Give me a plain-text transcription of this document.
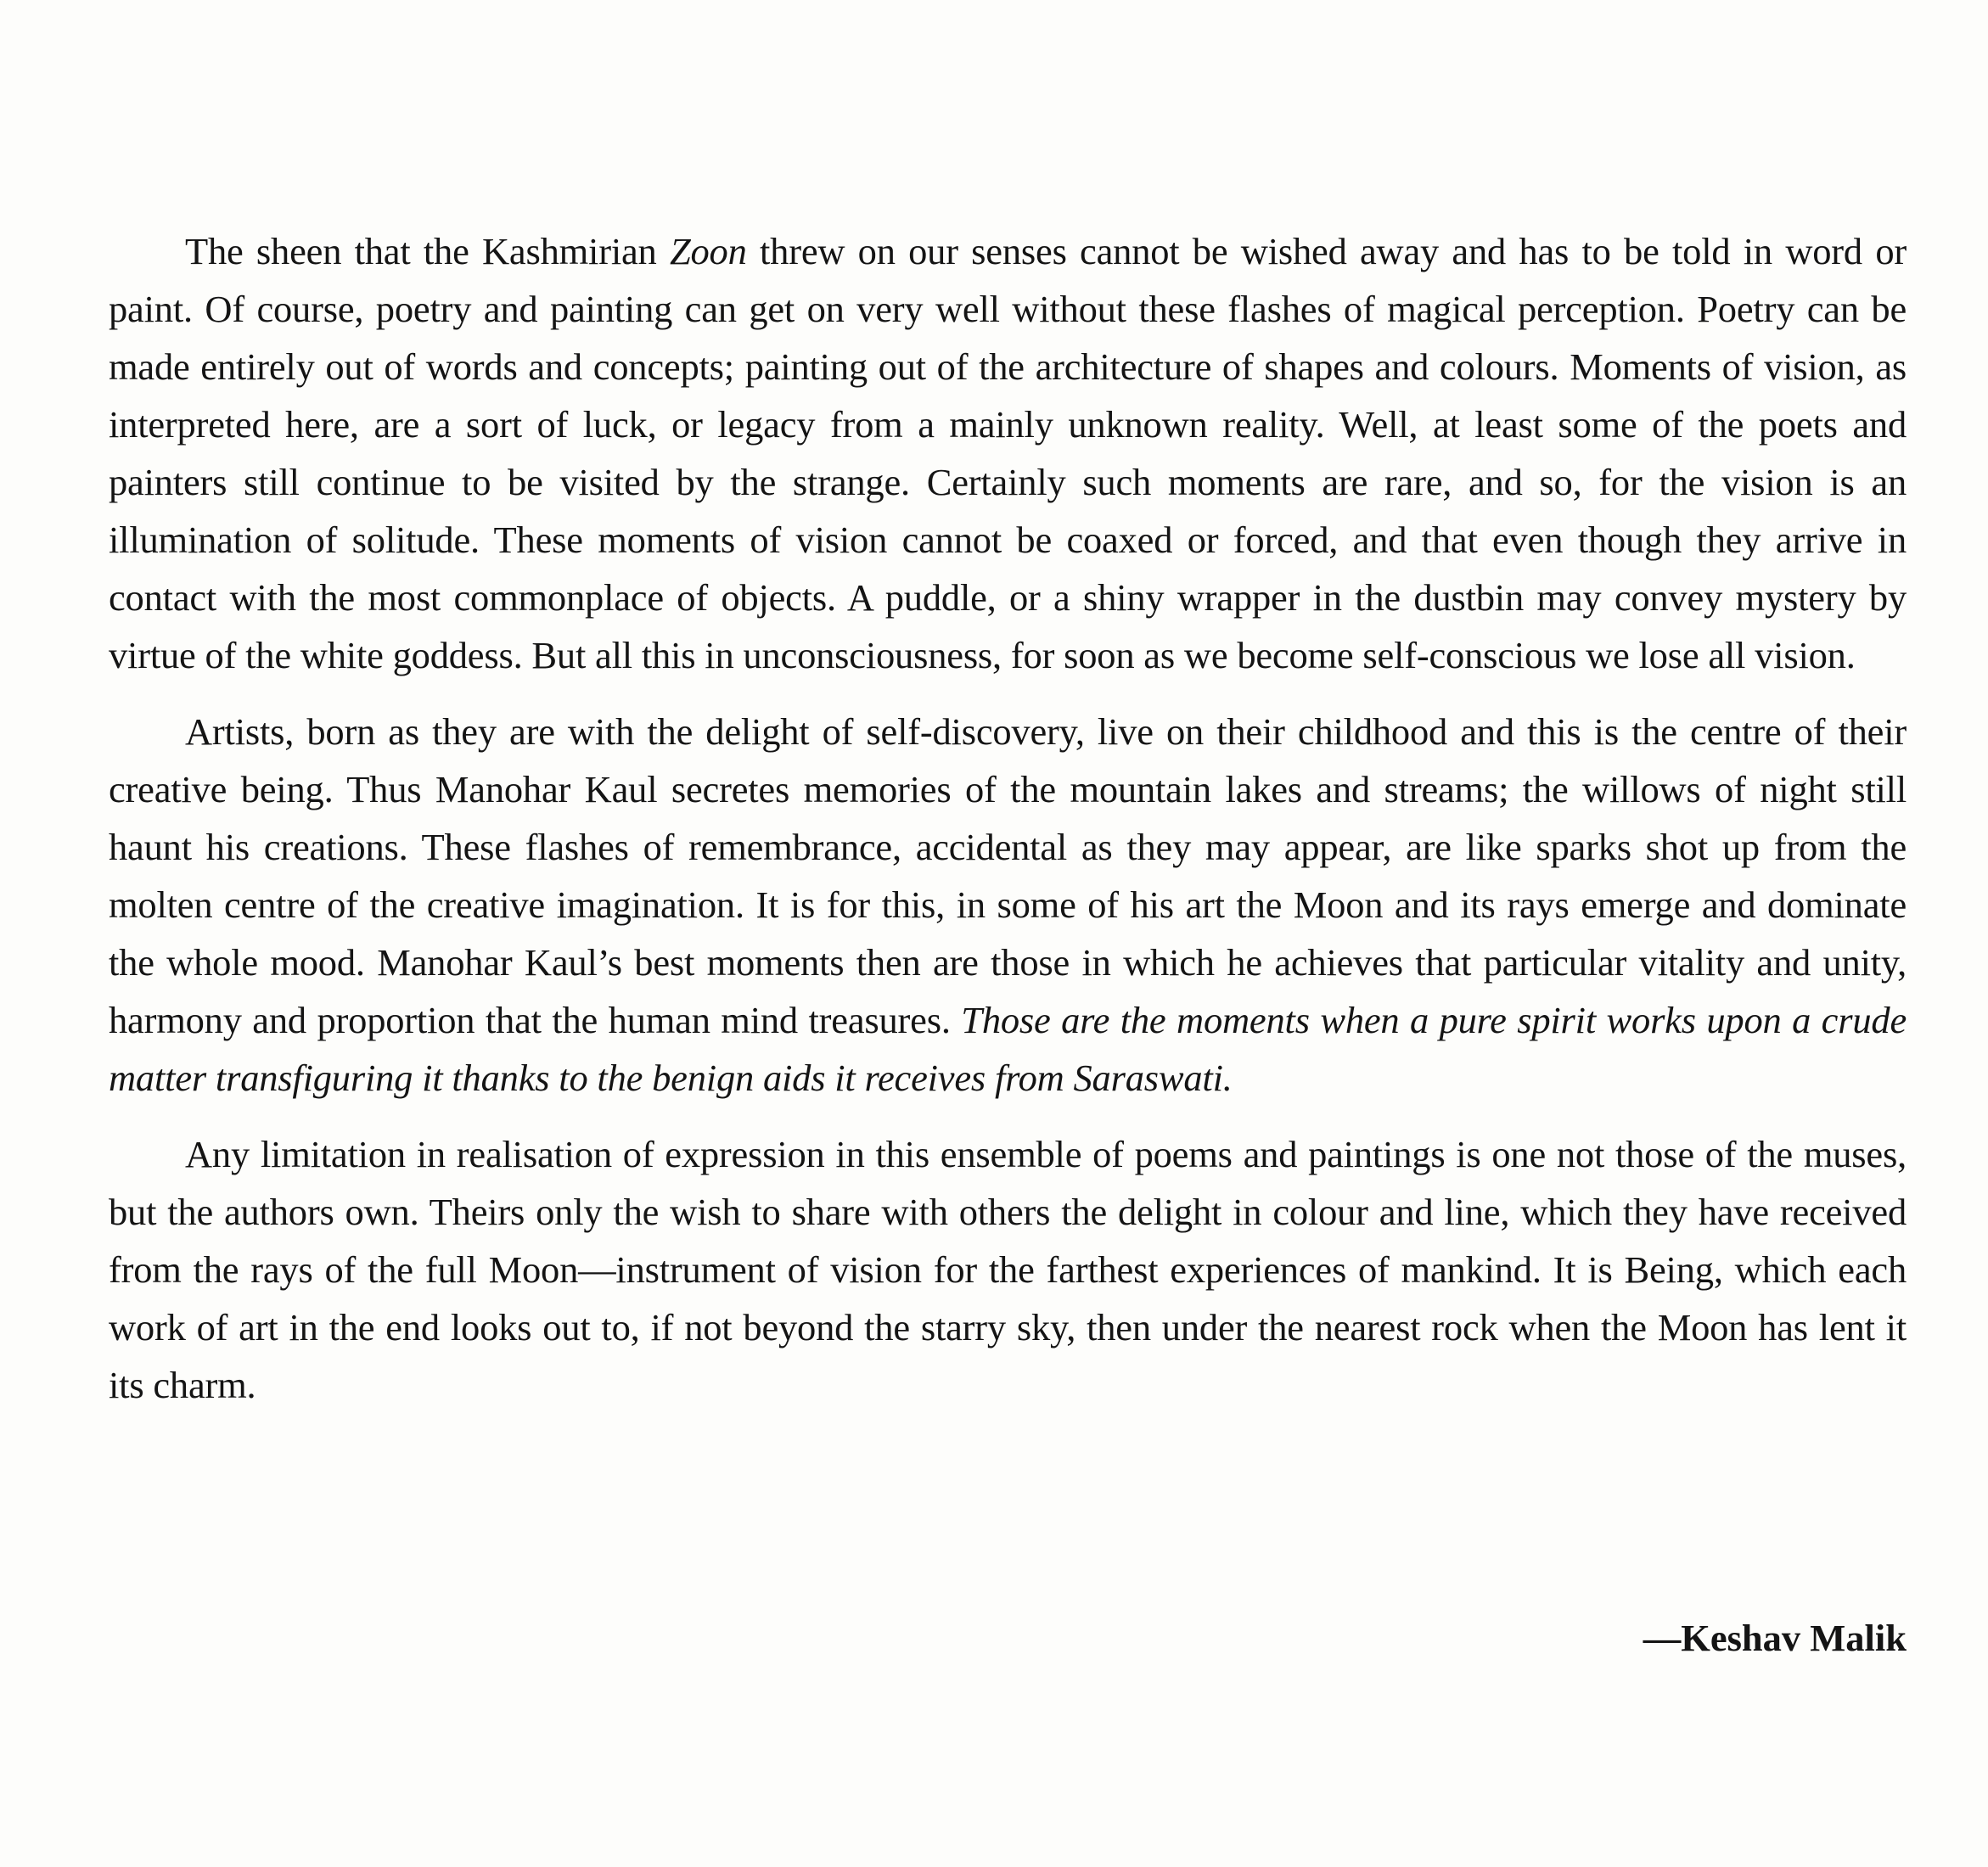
The sheen that the Kashmirian Zoon threw on our senses cannot be wished away and has to be told in word or paint. Of course, poetry and painting can get on very well without these flashes of magical perception. Poetry can be made entirely out of words and concepts; painting out of the architecture of shapes and colours. Moments of vision, as interpreted here, are a sort of luck, or legacy from a mainly unknown reality. Well, at least some of the poets and painters still continue to be visited by the strange. Certainly such moments are rare, and so, for the vision is an illumination of solitude. These moments of vision cannot be coaxed or forced, and that even though they arrive in contact with the most commonplace of objects. A puddle, or a shiny wrapper in the dustbin may convey mystery by virtue of the white goddess. But all this in unconsciousness, for soon as we become self-conscious we lose all vision.

Artists, born as they are with the delight of self-discovery, live on their childhood and this is the centre of their creative being. Thus Manohar Kaul secretes memories of the mountain lakes and streams; the willows of night still haunt his creations. These flashes of remembrance, accidental as they may appear, are like sparks shot up from the molten centre of the creative imagination. It is for this, in some of his art the Moon and its rays emerge and dominate the whole mood. Manohar Kaul’s best moments then are those in which he achieves that particular vitality and unity, harmony and proportion that the human mind treasures. Those are the moments when a pure spirit works upon a crude matter transfiguring it thanks to the benign aids it receives from Saraswati.

Any limitation in realisation of expression in this ensemble of poems and paintings is one not those of the muses, but the authors own. Theirs only the wish to share with others the delight in colour and line, which they have received from the rays of the full Moon—instrument of vision for the farthest experiences of mankind. It is Being, which each work of art in the end looks out to, if not beyond the starry sky, then under the nearest rock when the Moon has lent it its charm.

—Keshav Malik
